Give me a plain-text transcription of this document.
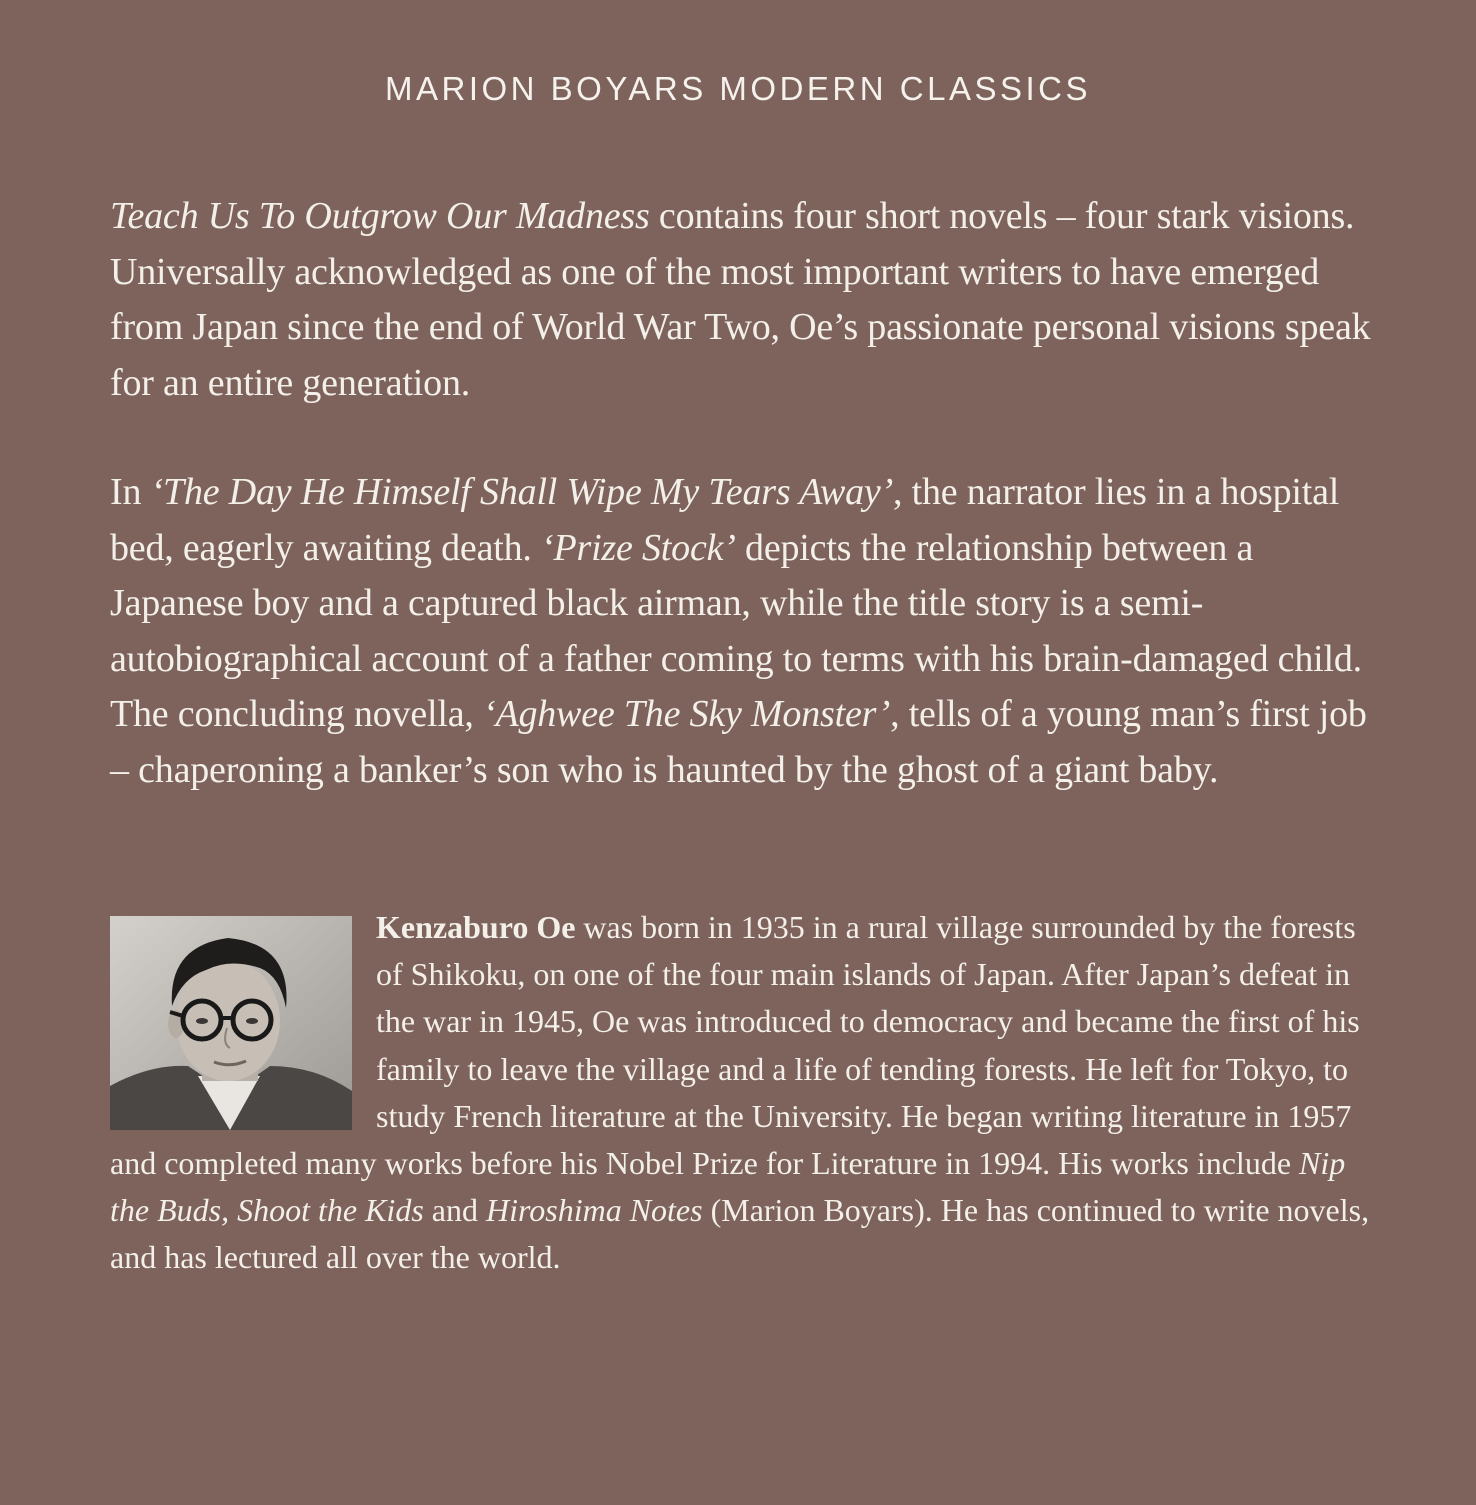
MARION BOYARS MODERN CLASSICS

Teach Us To Outgrow Our Madness contains four short novels – four stark visions. Universally acknowledged as one of the most important writers to have emerged from Japan since the end of World War Two, Oe’s passionate personal visions speak for an entire generation.

In ‘The Day He Himself Shall Wipe My Tears Away’, the narrator lies in a hospital bed, eagerly awaiting death. ‘Prize Stock’ depicts the relationship between a Japanese boy and a captured black airman, while the title story is a semi-autobiographical account of a father coming to terms with his brain-damaged child. The concluding novella, ‘Aghwee The Sky Monster’, tells of a young man’s first job – chaperoning a banker’s son who is haunted by the ghost of a giant baby.

Kenzaburo Oe was born in 1935 in a rural village surrounded by the forests of Shikoku, on one of the four main islands of Japan. After Japan’s defeat in the war in 1945, Oe was introduced to democracy and became the first of his family to leave the village and a life of tending forests. He left for Tokyo, to study French literature at the University. He began writing literature in 1957 and completed many works before his Nobel Prize for Literature in 1994. His works include Nip the Buds, Shoot the Kids and Hiroshima Notes (Marion Boyars). He has continued to write novels, and has lectured all over the world.
